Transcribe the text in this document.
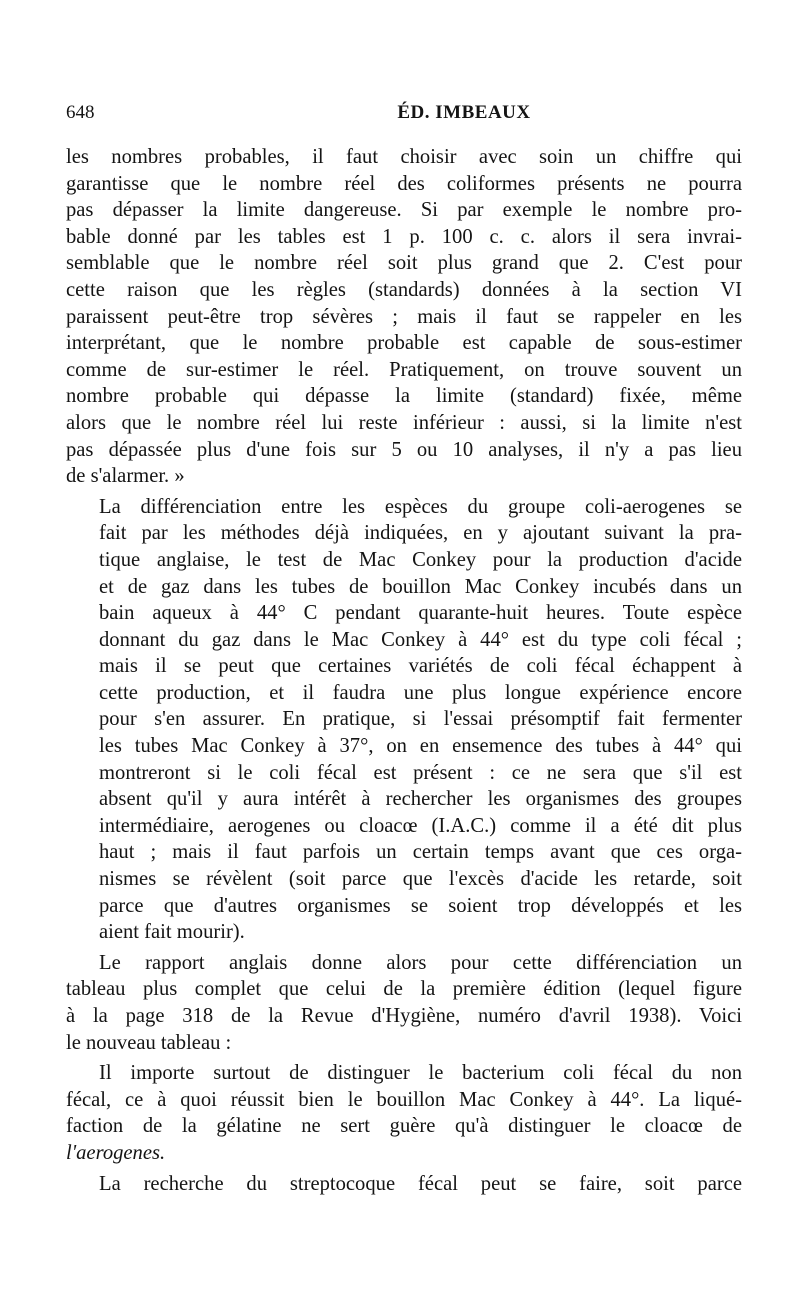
648	ÉD. IMBEAUX
les nombres probables, il faut choisir avec soin un chiffre qui
garantisse que le nombre réel des coliformes présents ne pourra
pas dépasser la limite dangereuse. Si par exemple le nombre pro-
bable donné par les tables est 1 p. 100 c. c. alors il sera invrai-
semblable que le nombre réel soit plus grand que 2. C'est pour
cette raison que les règles (standards) données à la section VI
paraissent peut-être trop sévères ; mais il faut se rappeler en les
interprétant, que le nombre probable est capable de sous-estimer
comme de sur-estimer le réel. Pratiquement, on trouve souvent un
nombre probable qui dépasse la limite (standard) fixée, même
alors que le nombre réel lui reste inférieur : aussi, si la limite n'est
pas dépassée plus d'une fois sur 5 ou 10 analyses, il n'y a pas lieu
de s'alarmer. »
La différenciation entre les espèces du groupe coli-aerogenes se
fait par les méthodes déjà indiquées, en y ajoutant suivant la pra-
tique anglaise, le test de Mac Conkey pour la production d'acide
et de gaz dans les tubes de bouillon Mac Conkey incubés dans un
bain aqueux à 44° C pendant quarante-huit heures. Toute espèce
donnant du gaz dans le Mac Conkey à 44° est du type coli fécal ;
mais il se peut que certaines variétés de coli fécal échappent à
cette production, et il faudra une plus longue expérience encore
pour s'en assurer. En pratique, si l'essai présomptif fait fermenter
les tubes Mac Conkey à 37°, on en ensemence des tubes à 44° qui
montreront si le coli fécal est présent : ce ne sera que s'il est
absent qu'il y aura intérêt à rechercher les organismes des groupes
intermédiaire, aerogenes ou cloacœ (I.A.C.) comme il a été dit plus
haut ; mais il faut parfois un certain temps avant que ces orga-
nismes se révèlent (soit parce que l'excès d'acide les retarde, soit
parce que d'autres organismes se soient trop développés et les
aient fait mourir).
Le rapport anglais donne alors pour cette différenciation un
tableau plus complet que celui de la première édition (lequel figure
à la page 318 de la Revue d'Hygiène, numéro d'avril 1938). Voici
le nouveau tableau :
Il importe surtout de distinguer le bacterium coli fécal du non
fécal, ce à quoi réussit bien le bouillon Mac Conkey à 44°. La liqué-
faction de la gélatine ne sert guère qu'à distinguer le cloacœ de
l'aerogenes.
La recherche du streptocoque fécal peut se faire, soit parce
